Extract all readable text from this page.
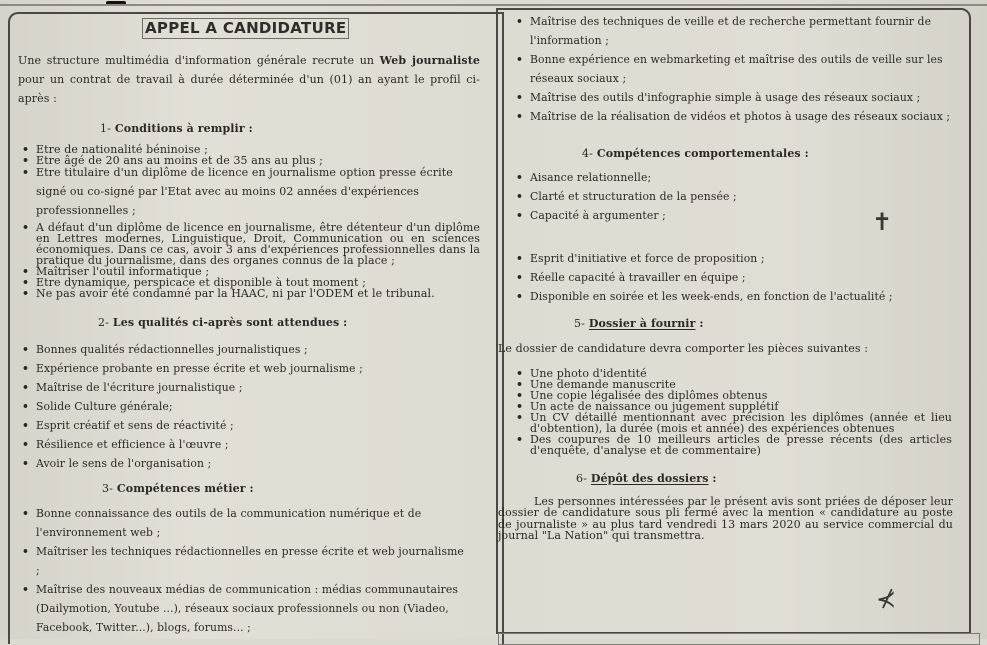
APPEL A CANDIDATURE
Une structure multimédia d'information générale recrute un Web journaliste pour un contrat de travail à durée déterminée d'un (01) an ayant le profil ci-après :
1- Conditions à remplir :
• Etre de nationalité béninoise ;
• Etre âgé de 20 ans au moins et de 35 ans au plus ;
• Etre titulaire d'un diplôme de licence en journalisme option presse écrite signé ou co-signé par l'Etat avec au moins 02 années d'expériences professionnelles ;
• A défaut d'un diplôme de licence en journalisme, être détenteur d'un diplôme en Lettres modernes, Linguistique, Droit, Communication ou en sciences économiques. Dans ce cas, avoir 3 ans d'expériences professionnelles dans la pratique du journalisme, dans des organes connus de la place ;
• Maîtriser l'outil informatique ;
• Etre dynamique, perspicace et disponible à tout moment ;
• Ne pas avoir été condamné par la HAAC, ni par l'ODEM et le tribunal.
2- Les qualités ci-après sont attendues :
• Bonnes qualités rédactionnelles journalistiques ;
• Expérience probante en presse écrite et web journalisme ;
• Maîtrise de l'écriture journalistique ;
• Solide Culture générale;
• Esprit créatif et sens de réactivité ;
• Résilience et efficience à l'œuvre ;
• Avoir le sens de l'organisation ;
3- Compétences métier :
• Bonne connaissance des outils de la communication numérique et de l'environnement web ;
• Maîtriser les techniques rédactionnelles en presse écrite et web journalisme ;
• Maîtrise des nouveaux médias de communication : médias communautaires (Dailymotion, Youtube ...), réseaux sociaux professionnels ou non (Viadeo, Facebook, Twitter...), blogs, forums... ;
• Maîtrise des techniques de veille et de recherche permettant fournir de l'information ;
• Bonne expérience en webmarketing et maîtrise des outils de veille sur les réseaux sociaux ;
• Maîtrise des outils d'infographie simple à usage des réseaux sociaux ;
• Maîtrise de la réalisation de vidéos et photos à usage des réseaux sociaux ;
4- Compétences comportementales :
• Aisance relationnelle;
• Clarté et structuration de la pensée ;
• Capacité à argumenter ;
• Esprit d'initiative et force de proposition ;
• Réelle capacité à travailler en équipe ;
• Disponible en soirée et les week-ends, en fonction de l'actualité ;
5- Dossier à fournir :
Le dossier de candidature devra comporter les pièces suivantes :
• Une photo d'identité
• Une demande manuscrite
• Une copie légalisée des diplômes obtenus
• Un acte de naissance ou jugement supplétif
• Un CV détaillé mentionnant avec précision les diplômes (année et lieu d'obtention), la durée (mois et année) des expériences obtenues
• Des coupures de 10 meilleurs articles de presse récents (des articles d'enquête, d'analyse et de commentaire)
6- Dépôt des dossiers :
Les personnes intéressées par le présent avis sont priées de déposer leur dossier de candidature sous pli fermé avec la mention « candidature au poste de journaliste » au plus tard vendredi 13 mars 2020 au service commercial du journal "La Nation" qui transmettra.
✝
⊀
